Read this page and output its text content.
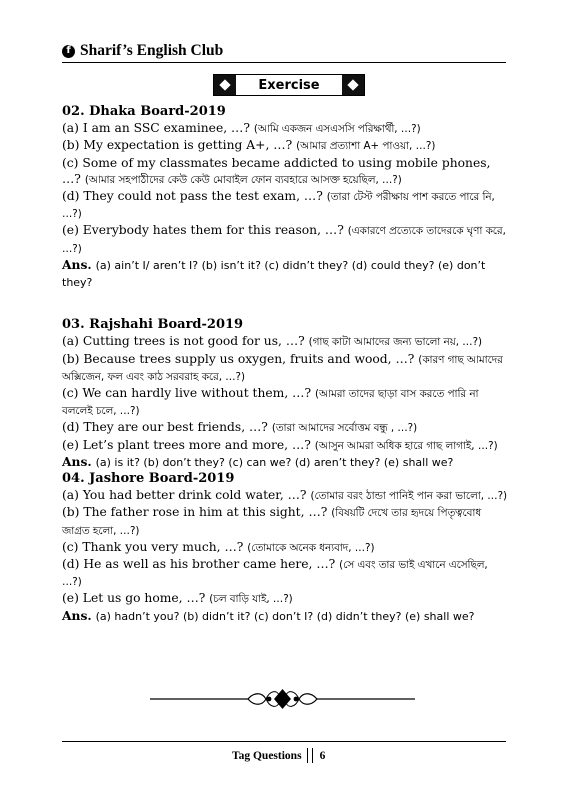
f Sharif’s English Club
Exercise

02. Dhaka Board-2019

(a) I am an SSC examinee, …? (আমি একজন এসএসসি পরিক্ষার্থী, …?)

(b) My expectation is getting A+, …? (আমার প্রত্যাশা A+ পাওয়া, …?)

(c) Some of my classmates became addicted to using mobile phones, …? (আমার সহপাঠীদের কেউ কেউ মোবাইল ফোন ব্যবহারে আসক্ত হয়েছিল, …?)

(d) They could not pass the test exam, …? (তারা টেস্ট পরীক্ষায় পাশ করতে পারে নি, …?)

(e) Everybody hates them for this reason, …? (একারণে প্রত্যেকে তাদেরকে ঘৃণা করে, …?)

Ans. (a) ain’t I/ aren’t I? (b) isn’t it? (c) didn’t they? (d) could they? (e) don’t they?

03. Rajshahi Board-2019

(a) Cutting trees is not good for us, …? (গাছ কাটা আমাদের জন্য ভালো নয়, …?)

(b) Because trees supply us oxygen, fruits and wood, …? (কারণ গাছ আমাদের অক্সিজেন, ফল এবং কাঠ সরবরাহ করে, …?)

(c) We can hardly live without them, …? (আমরা তাদের ছাড়া বাস করতে পারি না বললেই চলে, …?)

(d) They are our best friends, …? (তারা আমাদের সর্বোত্তম বন্ধু , …?)

(e) Let’s plant trees more and more, …? (আসুন আমরা অধিক হারে গাছ লাগাই, …?)

Ans. (a) is it? (b) don’t they? (c) can we? (d) aren’t they? (e) shall we?

04. Jashore Board-2019

(a) You had better drink cold water, …? (তোমার বরং ঠান্ডা পানিই পান করা ভালো, …?)

(b) The father rose in him at this sight, …? (বিষয়টি দেখে তার হৃদয়ে পিতৃত্ববোধ জাগ্রত হলো, …?)

(c) Thank you very much, …? (তোমাকে অনেক ধন্যবাদ, …?)

(d) He as well as his brother came here, …? (সে এবং তার ভাই এখানে এসেছিল, …?)

(e) Let us go home, …? (চল বাড়ি যাই, …?)

Ans. (a) hadn’t you? (b) didn’t it? (c) don’t I? (d) didn’t they? (e) shall we?

Tag Questions 6
